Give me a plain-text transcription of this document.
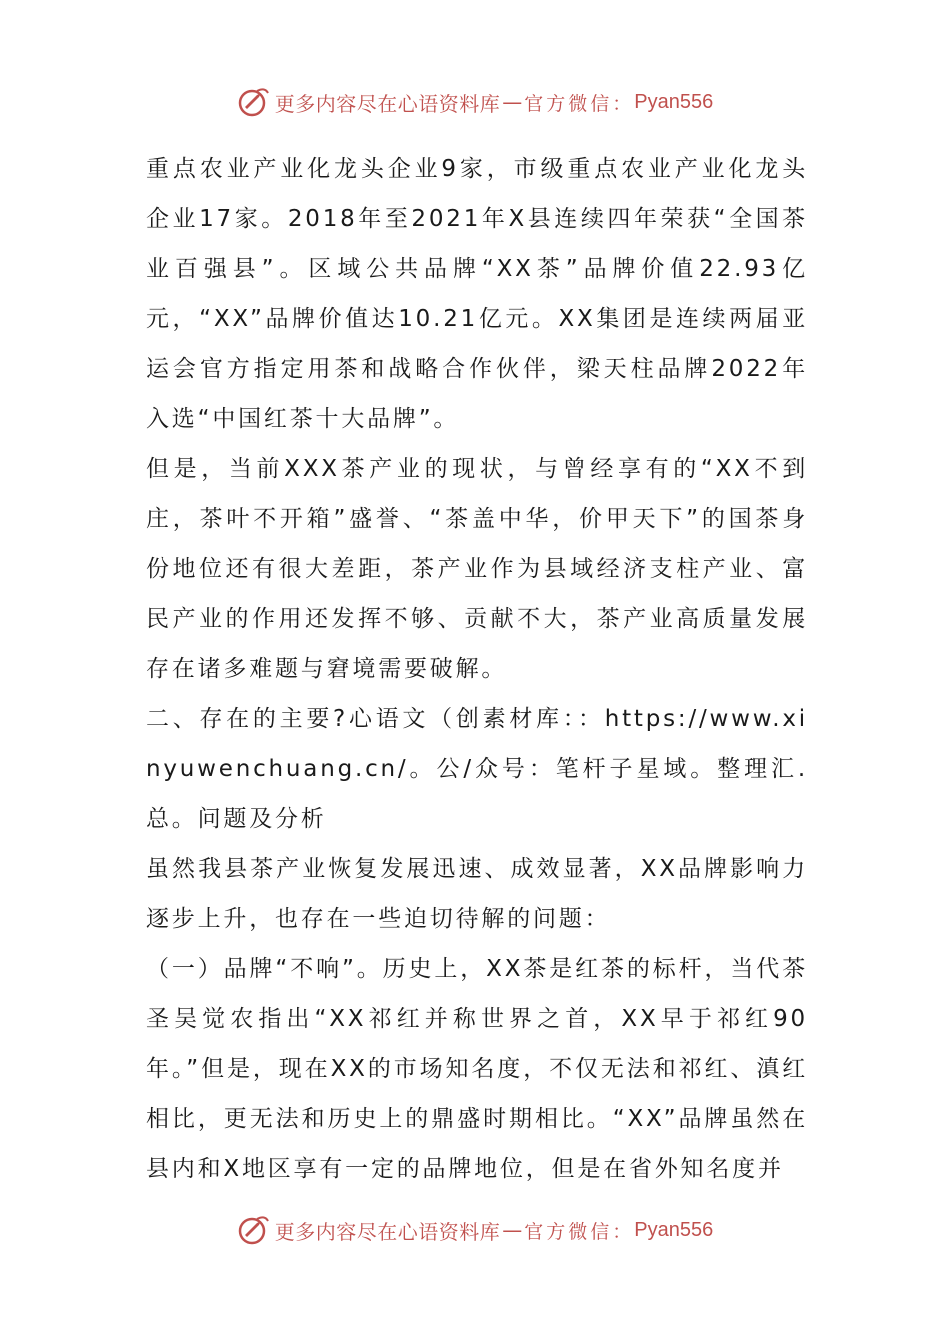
更多内容尽在心语资料库 — 官方微信： Pyan556

重点农业产业化龙头企业9家，市级重点农业产业化龙头企业17家。2018年至2021年X县连续四年荣获“全国茶业百强县”。区域公共品牌“XX茶”品牌价值22.93亿元，“XX”品牌价值达10.21亿元。XX集团是连续两届亚运会官方指定用茶和战略合作伙伴，梁天柱品牌2022年入选“中国红茶十大品牌”。

但是，当前XXX茶产业的现状，与曾经享有的“XX不到庄，茶叶不开箱”盛誉、“茶盖中华，价甲天下”的国茶身份地位还有很大差距，茶产业作为县域经济支柱产业、富民产业的作用还发挥不够、贡献不大，茶产业高质量发展存在诸多难题与窘境需要破解。

二、存在的主要?心语文（创素材库：：https://www.xinyuwenchuang.cn/。公/众号：笔杆子星域。整理汇.总。问题及分析

虽然我县茶产业恢复发展迅速、成效显著，XX品牌影响力逐步上升，也存在一些迫切待解的问题：

（一）品牌“不响”。历史上，XX茶是红茶的标杆，当代茶圣吴觉农指出“XX祁红并称世界之首，XX早于祁红90年。”但是，现在XX的市场知名度，不仅无法和祁红、滇红相比，更无法和历史上的鼎盛时期相比。“XX”品牌虽然在县内和X地区享有一定的品牌地位，但是在省外知名度并

更多内容尽在心语资料库 — 官方微信： Pyan556
